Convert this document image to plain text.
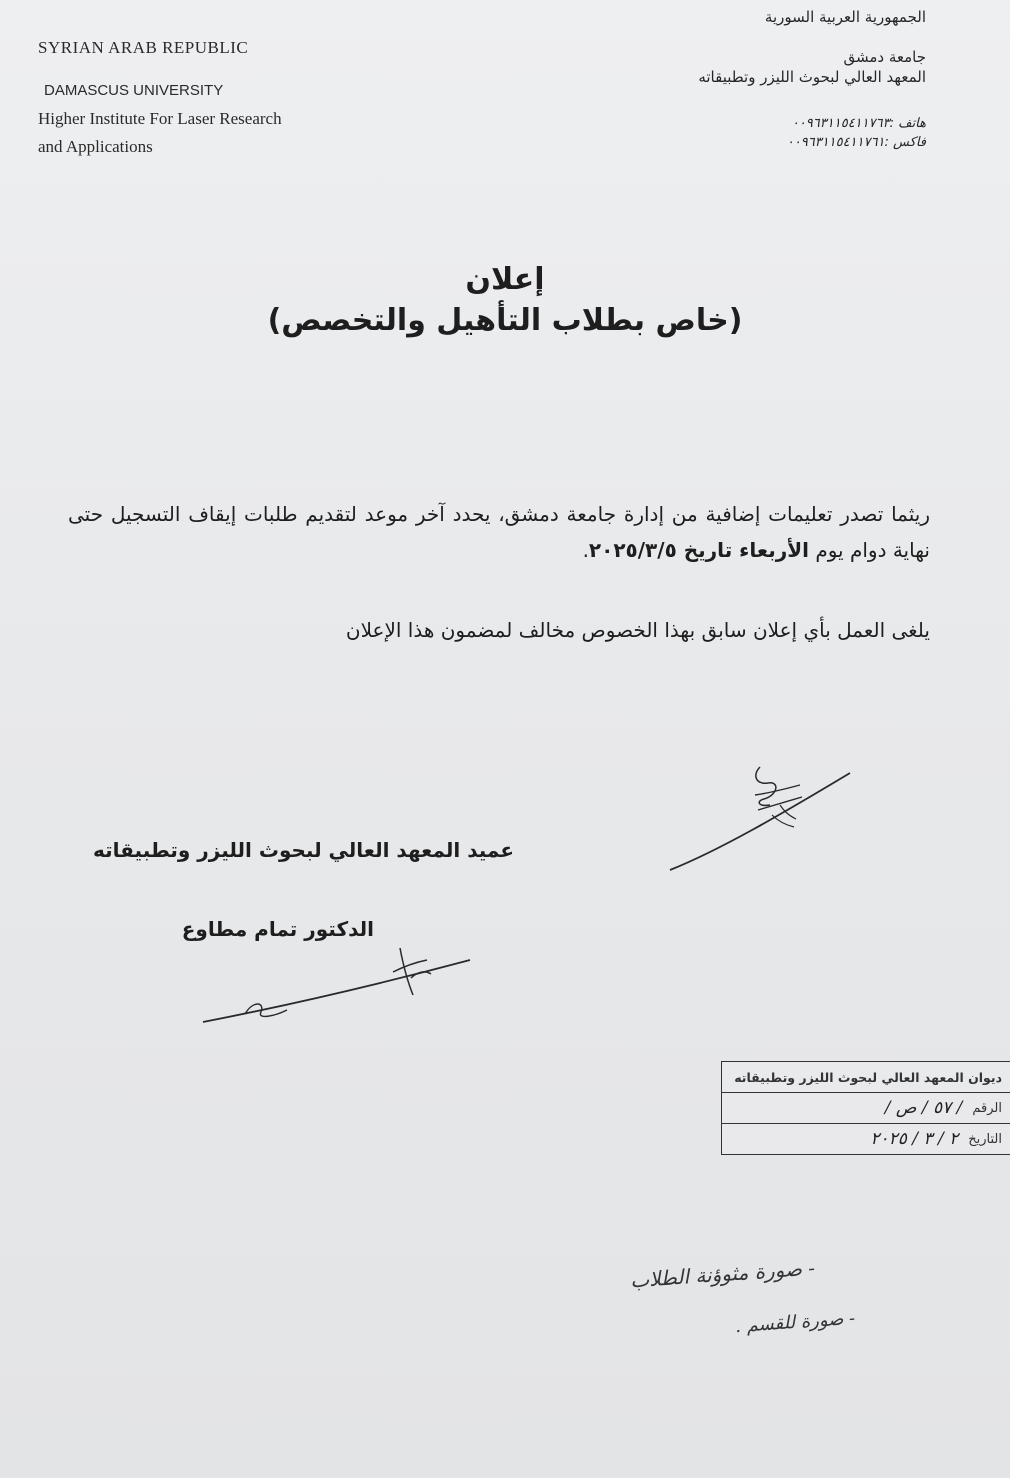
SYRIAN ARAB REPUBLIC
DAMASCUS UNIVERSITY
Higher Institute For Laser Research
and Applications

الجمهورية العربية السورية

جامعة دمشق

المعهد العالي لبحوث الليزر وتطبيقاته

هاتف :٠٠٩٦٣١١٥٤١١٧٦٣
فاكس :٠٠٩٦٣١١٥٤١١٧٦١

إعلان

(خاص بطلاب التأهيل والتخصص)

ريثما تصدر تعليمات إضافية من إدارة جامعة دمشق، يحدد آخر موعد لتقديم طلبات إيقاف التسجيل حتى نهاية دوام يوم الأربعاء تاريخ ٢٠٢٥/٣/٥.

يلغى العمل بأي إعلان سابق بهذا الخصوص مخالف لمضمون هذا الإعلان

عميد المعهد العالي لبحوث الليزر وتطبيقاته
الدكتور تمام مطاوع
ديوان المعهد العالي لبحوث الليزر وتطبيقاته
الرقم
/ ٥٧ / ص /
التاريخ
٢ / ٣ / ٢٠٢٥
- صورة مثوؤنة الطلاب
- صورة للقسم .
